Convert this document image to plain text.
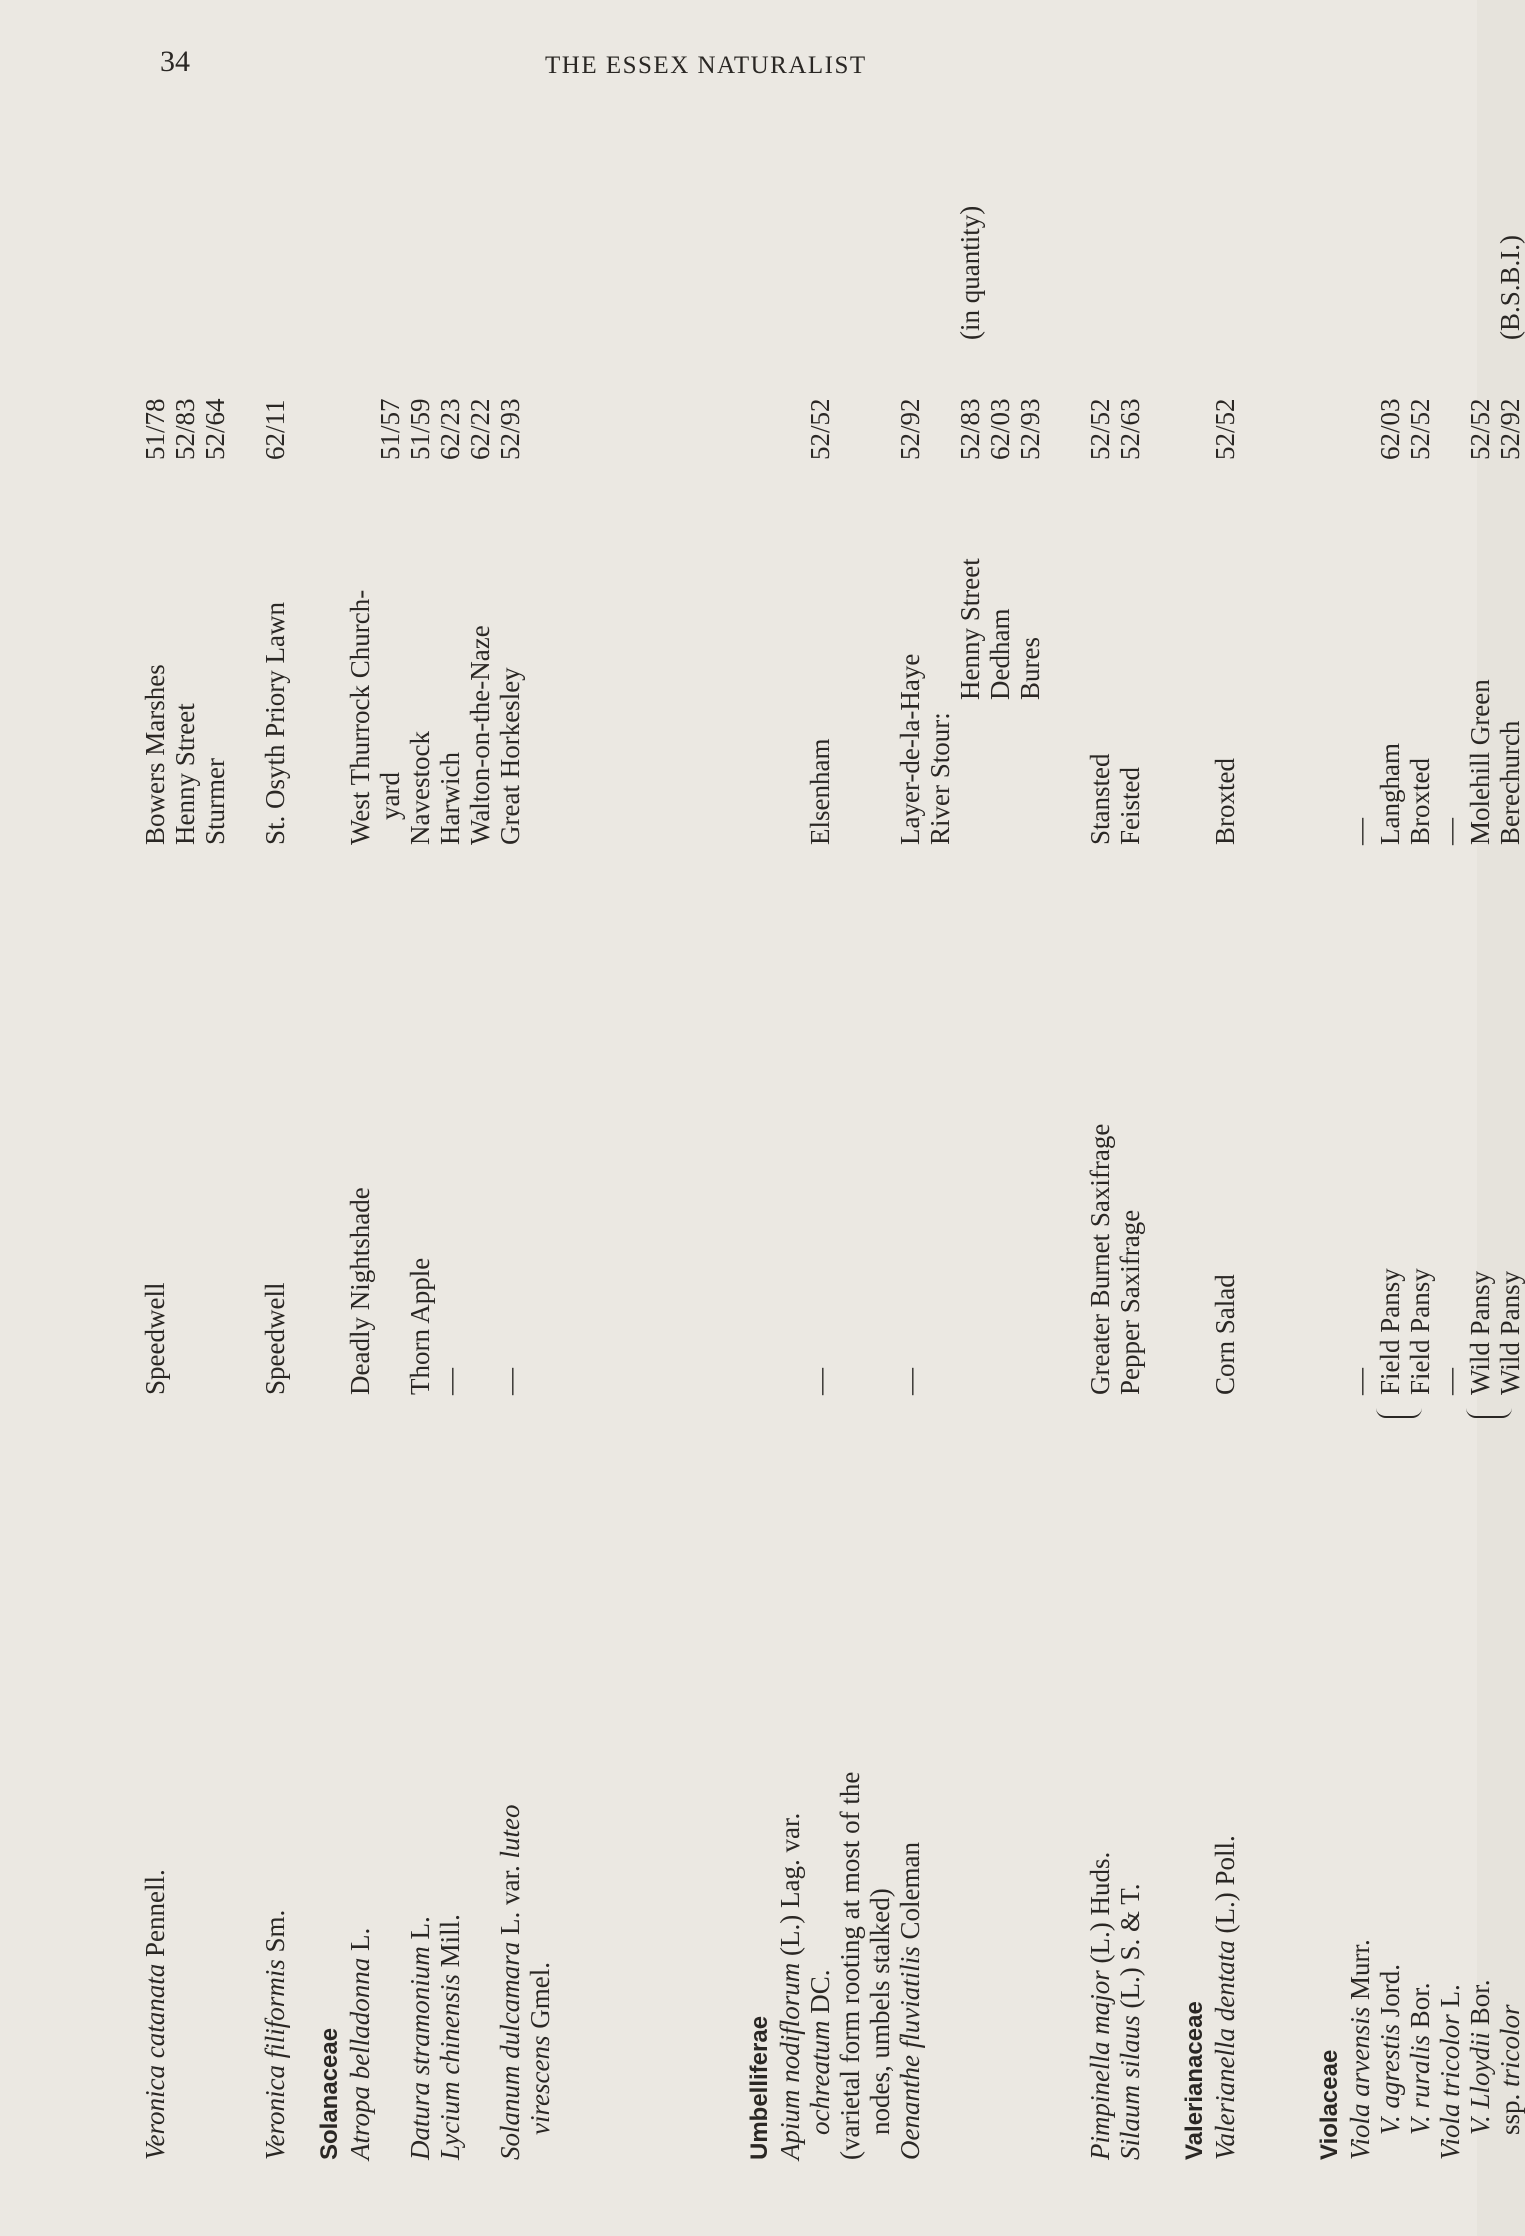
34	THE ESSEX NATURALIST
Veronica catanata Pennell.
Speedwell
Bowers Marshes
51/78
Henny Street
52/83
Sturmer
52/64
Veronica filiformis Sm.
Speedwell
St. Osyth Priory Lawn
62/11
Solanaceae Atropa belladonna L.
Deadly Nightshade
West Thurrock Church- yard
51/57
Datura stramonium L.
Thorn Apple
Navestock
51/59
Lycium chinensis Mill.
—
Harwich
62/23
Walton-on-the-Naze
62/22
Solanum dulcamara L. var. luteo
—
Great Horkesley
52/93
virescens Gmel.
Umbelliferae Apium nodiflorum (L.) Lag. var.
ochreatum DC.
—
Elsenham
52/52
(varietal form rooting at most of the nodes, umbels stalked) Oenanthe fluviatilis Coleman
—
Layer-de-la-Haye
52/92
River Stour:
Henny Street
52/83
(in quantity)
Dedham
62/03
Bures
52/93
Pimpinella major (L.) Huds.
Greater Burnet Saxifrage
Stansted
52/52
Silaum silaus (L.) S. & T.
Pepper Saxifrage
Feisted
52/63
Valerianaceae Valerianella dentata (L.) Poll.
Corn Salad
Broxted
52/52
Violaceae Viola arvensis Murr.
—
—
V. agrestis Jord.
Field Pansy
Langham
62/03
V. ruralis Bor.
Field Pansy
Broxted
52/52
Viola tricolor L.
—
—
V. Lloydii Bor.
Wild Pansy
Molehill Green
52/52
ssp. tricolor
Wild Pansy
Berechurch
52/92
(B.S.B.I.)
